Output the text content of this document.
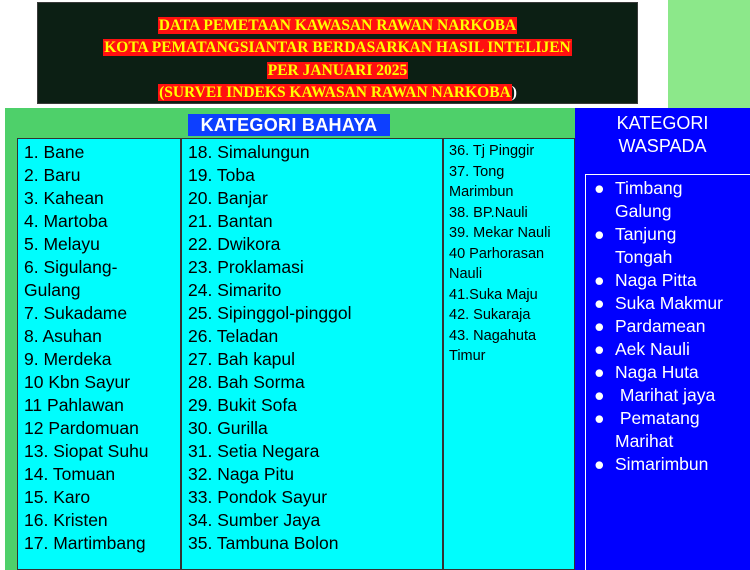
DATA PEMETAAN KAWASAN RAWAN NARKOBA
KOTA PEMATANGSIANTAR BERDASARKAN HASIL INTELIJEN
PER JANUARI 2025
(SURVEI INDEKS KAWASAN RAWAN NARKOBA)
KATEGORI BAHAYA
1. Bane
2. Baru
3. Kahean
4. Martoba
5. Melayu
6. Sigulang-
Gulang
7. Sukadame
8. Asuhan
9. Merdeka
10 Kbn Sayur
11 Pahlawan
12 Pardomuan
13. Siopat Suhu
14. Tomuan
15. Karo
16. Kristen
17. Martimbang
18. Simalungun
19. Toba
20. Banjar
21. Bantan
22. Dwikora
23. Proklamasi
24. Simarito
25. Sipinggol-pinggol
26. Teladan
27. Bah kapul
28. Bah Sorma
29. Bukit Sofa
30. Gurilla
31. Setia Negara
32. Naga Pitu
33. Pondok Sayur
34. Sumber Jaya
35. Tambuna Bolon
36. Tj Pinggir
37. Tong
Marimbun
38. BP.Nauli
39. Mekar Nauli
40 Parhorasan
Nauli
41.Suka Maju
42. Sukaraja
43. Nagahuta
Timur
KATEGORI
WASPADA
● Timbang
Galung
● Tanjung
Tongah
● Naga Pitta
● Suka Makmur
● Pardamean
● Aek Nauli
● Naga Huta
● Marihat jaya
● Pematang
Marihat
● Simarimbun
